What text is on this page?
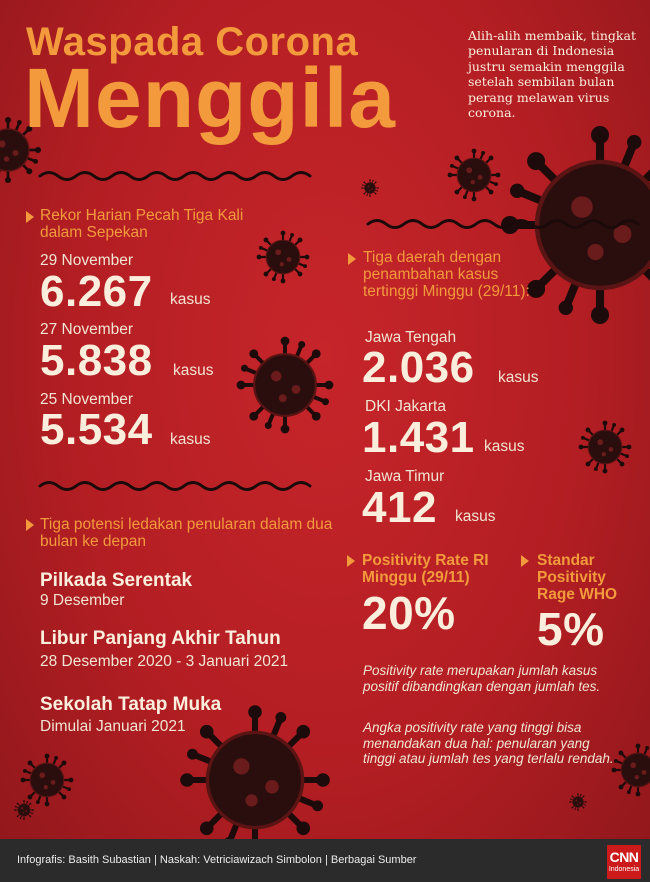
Waspada Corona
Menggila
Alih-alih membaik, tingkat penularan di Indonesia justru semakin menggila setelah sembilan bulan perang melawan virus corona.
Rekor Harian Pecah Tiga Kali dalam Sepekan
29 November
6.267 kasus
27 November
5.838 kasus
25 November
5.534 kasus
Tiga daerah dengan penambahan kasus tertinggi Minggu (29/11):
Jawa Tengah
2.036 kasus
DKI Jakarta
1.431 kasus
Jawa Timur
412 kasus
Tiga potensi ledakan penularan dalam dua bulan ke depan
Pilkada Serentak
9 Desember
Libur Panjang Akhir Tahun
28 Desember 2020 - 3 Januari 2021
Sekolah Tatap Muka
Dimulai Januari 2021
Positivity Rate RI Minggu (29/11)
20%
Standar Positivity Rage WHO
5%
Positivity rate merupakan jumlah kasus positif dibandingkan dengan jumlah tes.
Angka positivity rate yang tinggi bisa menandakan dua hal: penularan yang tinggi atau jumlah tes yang terlalu rendah.
Infografis: Basith Subastian | Naskah: Vetriciawizach Simbolon | Berbagai Sumber	CNN
Indonesia
